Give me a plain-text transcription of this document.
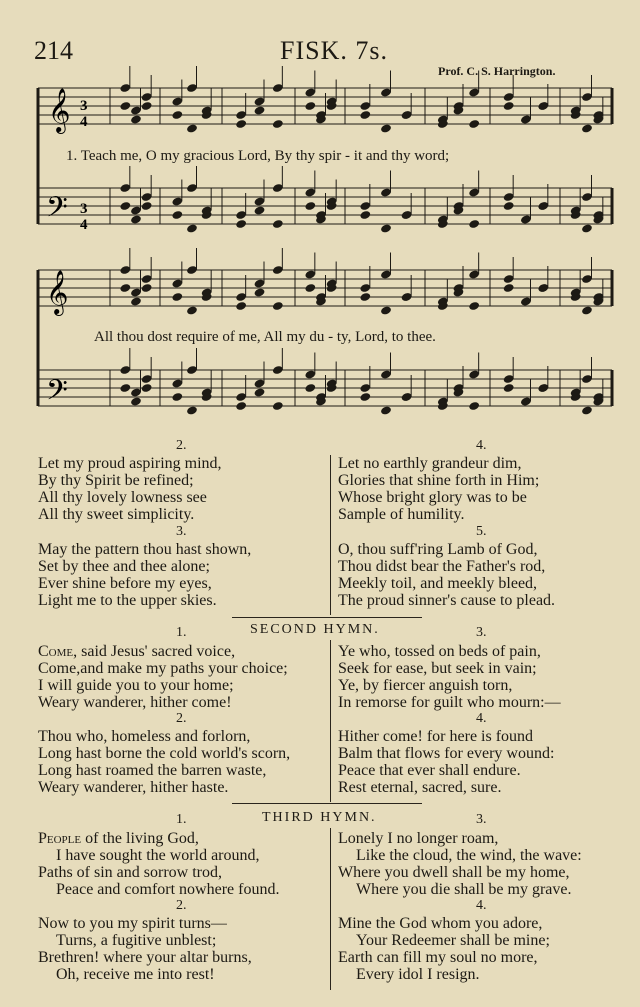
214	FISK. 7s.
Prof. C. S. Harrington.
𝄞
𝄢
𝄞
𝄢
3
4
3
4
1. Teach me, O my gracious Lord, By thy spir - it and thy word;
All thou dost require of me, All my du - ty, Lord, to thee.
2.
Let my proud aspiring mind,
By thy Spirit be refined;
All thy lovely lowness see
All thy sweet simplicity.
3.
May the pattern thou hast shown,
Set by thee and thee alone;
Ever shine before my eyes,
Light me to the upper skies.
4.
Let no earthly grandeur dim,
Glories that shine forth in Him;
Whose bright glory was to be
Sample of humility.
5.
O, thou suff'ring Lamb of God,
Thou didst bear the Father's rod,
Meekly toil, and meekly bleed,
The proud sinner's cause to plead.
SECOND HYMN.
1.
Come, said Jesus' sacred voice,
Come,and make my paths your choice;
I will guide you to your home;
Weary wanderer, hither come!
2.
Thou who, homeless and forlorn,
Long hast borne the cold world's scorn,
Long hast roamed the barren waste,
Weary wanderer, hither haste.
3.
Ye who, tossed on beds of pain,
Seek for ease, but seek in vain;
Ye, by fiercer anguish torn,
In remorse for guilt who mourn:—
4.
Hither come! for here is found
Balm that flows for every wound:
Peace that ever shall endure.
Rest eternal, sacred, sure.
THIRD HYMN.
1.
People of the living God,
I have sought the world around,
Paths of sin and sorrow trod,
Peace and comfort nowhere found.
2.
Now to you my spirit turns—
Turns, a fugitive unblest;
Brethren! where your altar burns,
Oh, receive me into rest!
3.
Lonely I no longer roam,
Like the cloud, the wind, the wave:
Where you dwell shall be my home,
Where you die shall be my grave.
4.
Mine the God whom you adore,
Your Redeemer shall be mine;
Earth can fill my soul no more,
Every idol I resign.
